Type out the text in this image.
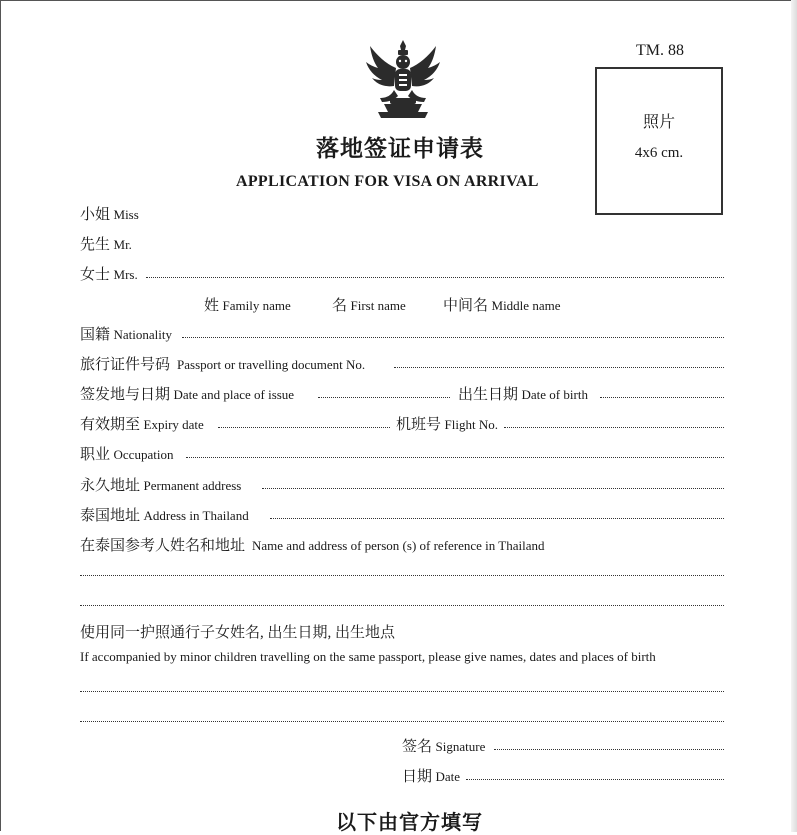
TM. 88
照片
4x6 cm.
落地签证申请表
APPLICATION FOR VISA ON ARRIVAL
小姐 Miss
先生 Mr.
女士 Mrs.
姓 Family name	名 First name 中间名 Middle name
国籍 Nationality
旅行证件号码 Passport or travelling document No.
签发地与日期 Date and place of issue	出生日期 Date of birth
有效期至 Expiry date	机班号 Flight No.
职业 Occupation
永久地址 Permanent address
泰国地址 Address in Thailand
在泰国参考人姓名和地址 Name and address of person (s) of reference in Thailand
使用同一护照通行子女姓名, 出生日期, 出生地点
If accompanied by minor children travelling on the same passport, please give names, dates and places of birth
签名 Signature
日期 Date
以下由官方填写
